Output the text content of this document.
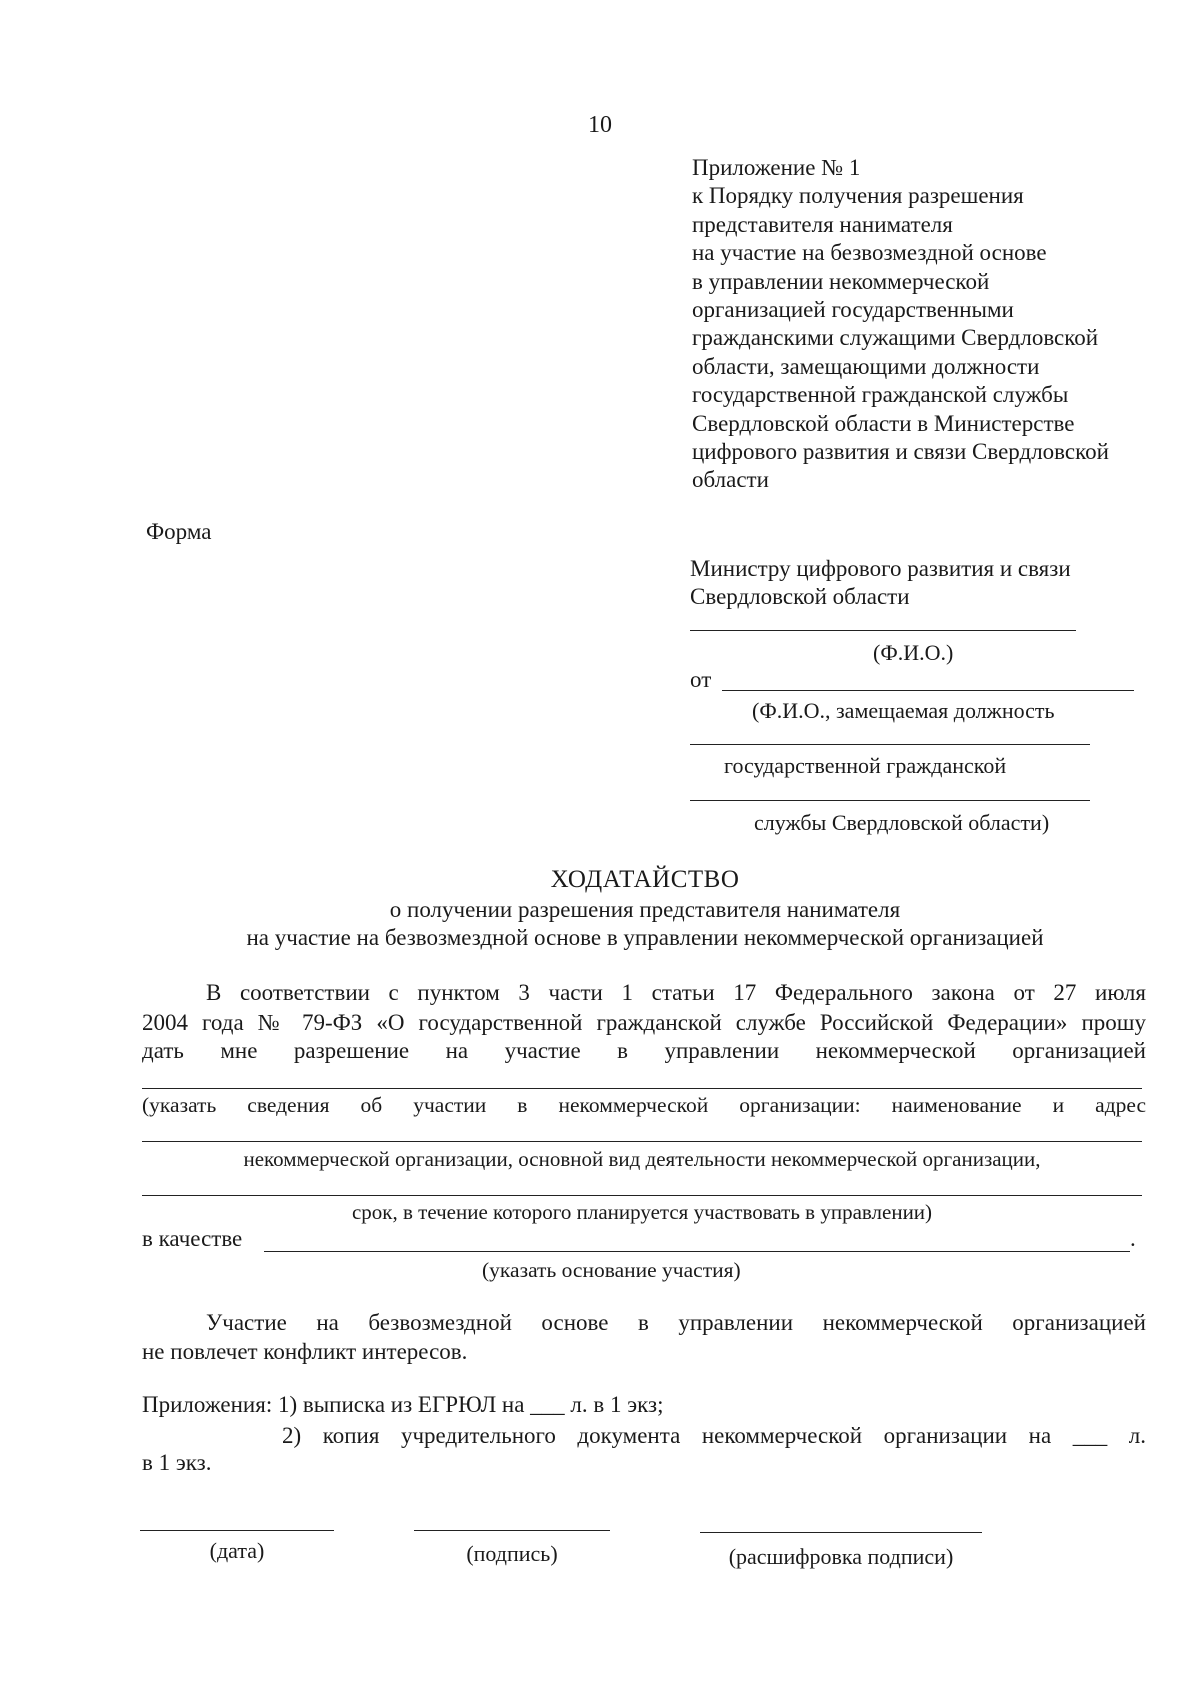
10
Приложение № 1
к Порядку получения разрешения
представителя нанимателя
на участие на безвозмездной основе
в управлении некоммерческой
организацией государственными
гражданскими служащими Свердловской
области, замещающими должности
государственной гражданской службы
Свердловской области в Министерстве
цифрового развития и связи Свердловской
области
Форма
Министру цифрового развития и связи
Свердловской области
(Ф.И.О.)
от
(Ф.И.О., замещаемая должность
государственной гражданской
службы Свердловской области)
ХОДАТАЙСТВО
о получении разрешения представителя нанимателя
на участие на безвозмездной основе в управлении некоммерческой организацией
В соответствии с пунктом 3 части 1 статьи 17 Федерального закона от 27 июля
2004 года № 79-ФЗ «О государственной гражданской службе Российской Федерации» прошу
дать мне разрешение на участие в управлении некоммерческой организацией
(указать сведения об участии в некоммерческой организации: наименование и адрес
некоммерческой организации, основной вид деятельности некоммерческой организации,
срок, в течение которого планируется участвовать в управлении)
в качестве	.
(указать основание участия)
Участие на безвозмездной основе в управлении некоммерческой организацией
не повлечет конфликт интересов.
Приложения: 1) выписка из ЕГРЮЛ на ___ л. в 1 экз;
2) копия учредительного документа некоммерческой организации на ___ л.
в 1 экз.
(дата)	(подпись)	(расшифровка подписи)
